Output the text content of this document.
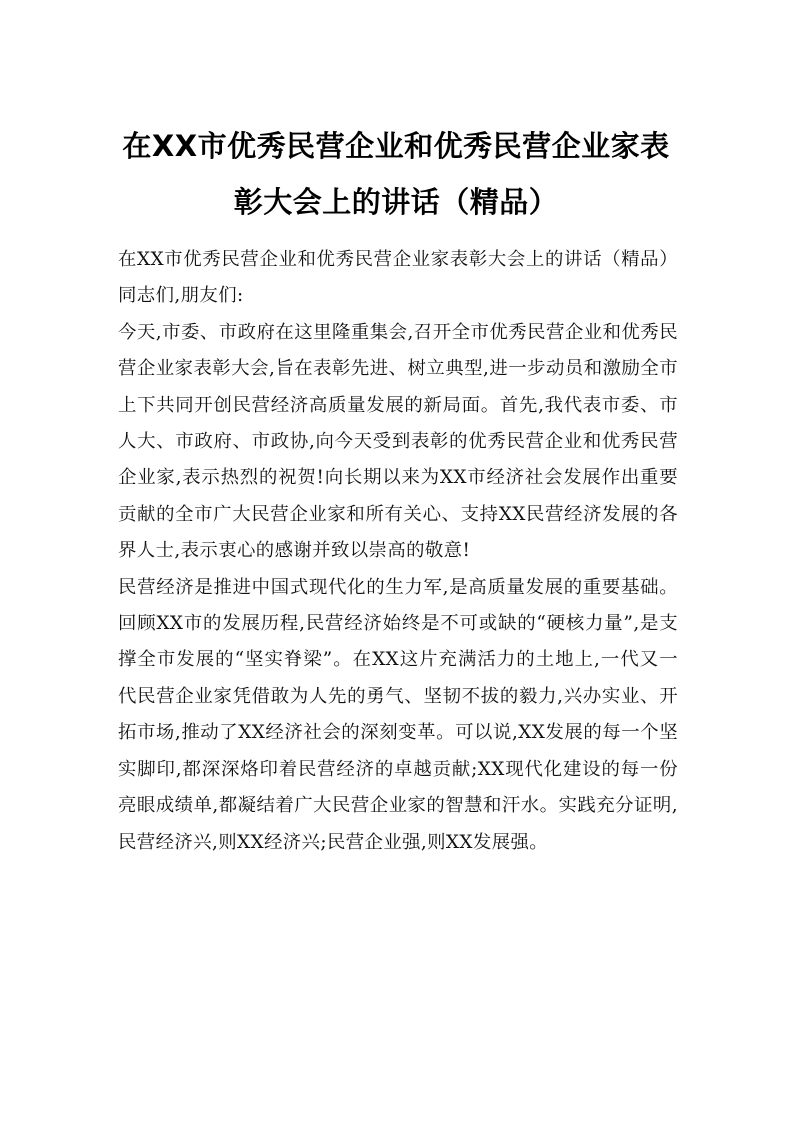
在XX市优秀民营企业和优秀民营企业家表
彰大会上的讲话（精品）

在XX市优秀民营企业和优秀民营企业家表彰大会上的讲话（精品）同志们,朋友们:

今天,市委、市政府在这里隆重集会,召开全市优秀民营企业和优秀民营企业家表彰大会,旨在表彰先进、树立典型,进一步动员和激励全市上下共同开创民营经济高质量发展的新局面。首先,我代表市委、市人大、市政府、市政协,向今天受到表彰的优秀民营企业和优秀民营企业家,表示热烈的祝贺!向长期以来为XX市经济社会发展作出重要贡献的全市广大民营企业家和所有关心、支持XX民营经济发展的各界人士,表示衷心的感谢并致以崇高的敬意!

民营经济是推进中国式现代化的生力军,是高质量发展的重要基础。回顾XX市的发展历程,民营经济始终是不可或缺的“硬核力量”,是支撑全市发展的“坚实脊梁”。在XX这片充满活力的土地上,一代又一代民营企业家凭借敢为人先的勇气、坚韧不拔的毅力,兴办实业、开拓市场,推动了XX经济社会的深刻变革。可以说,XX发展的每一个坚实脚印,都深深烙印着民营经济的卓越贡献;XX现代化建设的每一份亮眼成绩单,都凝结着广大民营企业家的智慧和汗水。实践充分证明,民营经济兴,则XX经济兴;民营企业强,则XX发展强。
